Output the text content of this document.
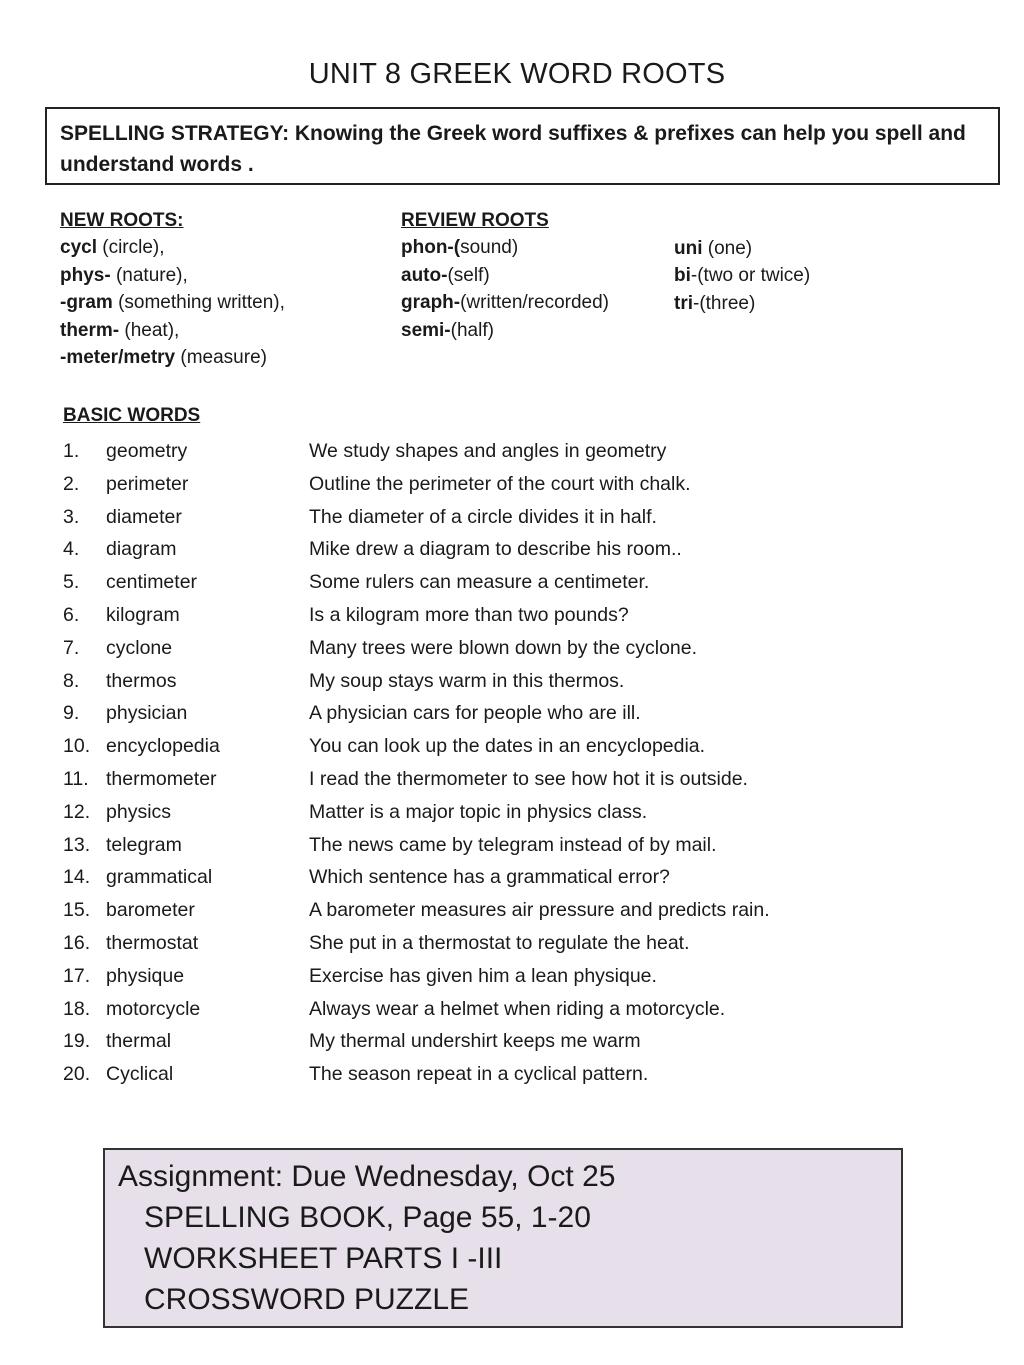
UNIT 8 GREEK WORD ROOTS
SPELLING STRATEGY: Knowing the Greek word suffixes & prefixes can help you spell and understand words .
NEW ROOTS:
cycl (circle),
phys- (nature),
-gram (something written),
therm- (heat),
-meter/metry (measure)
REVIEW ROOTS
phon-(sound)
auto-(self)
graph-(written/recorded)
semi-(half)
uni (one)
bi-(two or twice)
tri-(three)
BASIC WORDS
1. geometry	We study shapes and angles in geometry
2. perimeter	Outline the perimeter of the court with chalk.
3. diameter	The diameter of a circle divides it in half.
4. diagram	Mike drew a diagram to describe his room..
5. centimeter	Some rulers can measure a centimeter.
6. kilogram	Is a kilogram more than two pounds?
7. cyclone	Many trees were blown down by the cyclone.
8. thermos	My soup stays warm in this thermos.
9. physician	A physician cars for people who are ill.
10. encyclopedia	You can look up the dates in an encyclopedia.
11. thermometer	I read the thermometer to see how hot it is outside.
12. physics	Matter is a major topic in physics class.
13. telegram	The news came by telegram instead of by mail.
14. grammatical	Which sentence has a grammatical error?
15. barometer	A barometer measures air pressure and predicts rain.
16. thermostat	She put in a thermostat to regulate the heat.
17. physique	Exercise has given him a lean physique.
18. motorcycle	Always wear a helmet when riding a motorcycle.
19. thermal	My thermal undershirt keeps me warm
20. Cyclical	The season repeat in a cyclical pattern.
Assignment: Due Wednesday, Oct 25
SPELLING BOOK, Page 55, 1-20
WORKSHEET PARTS I -III
CROSSWORD PUZZLE
